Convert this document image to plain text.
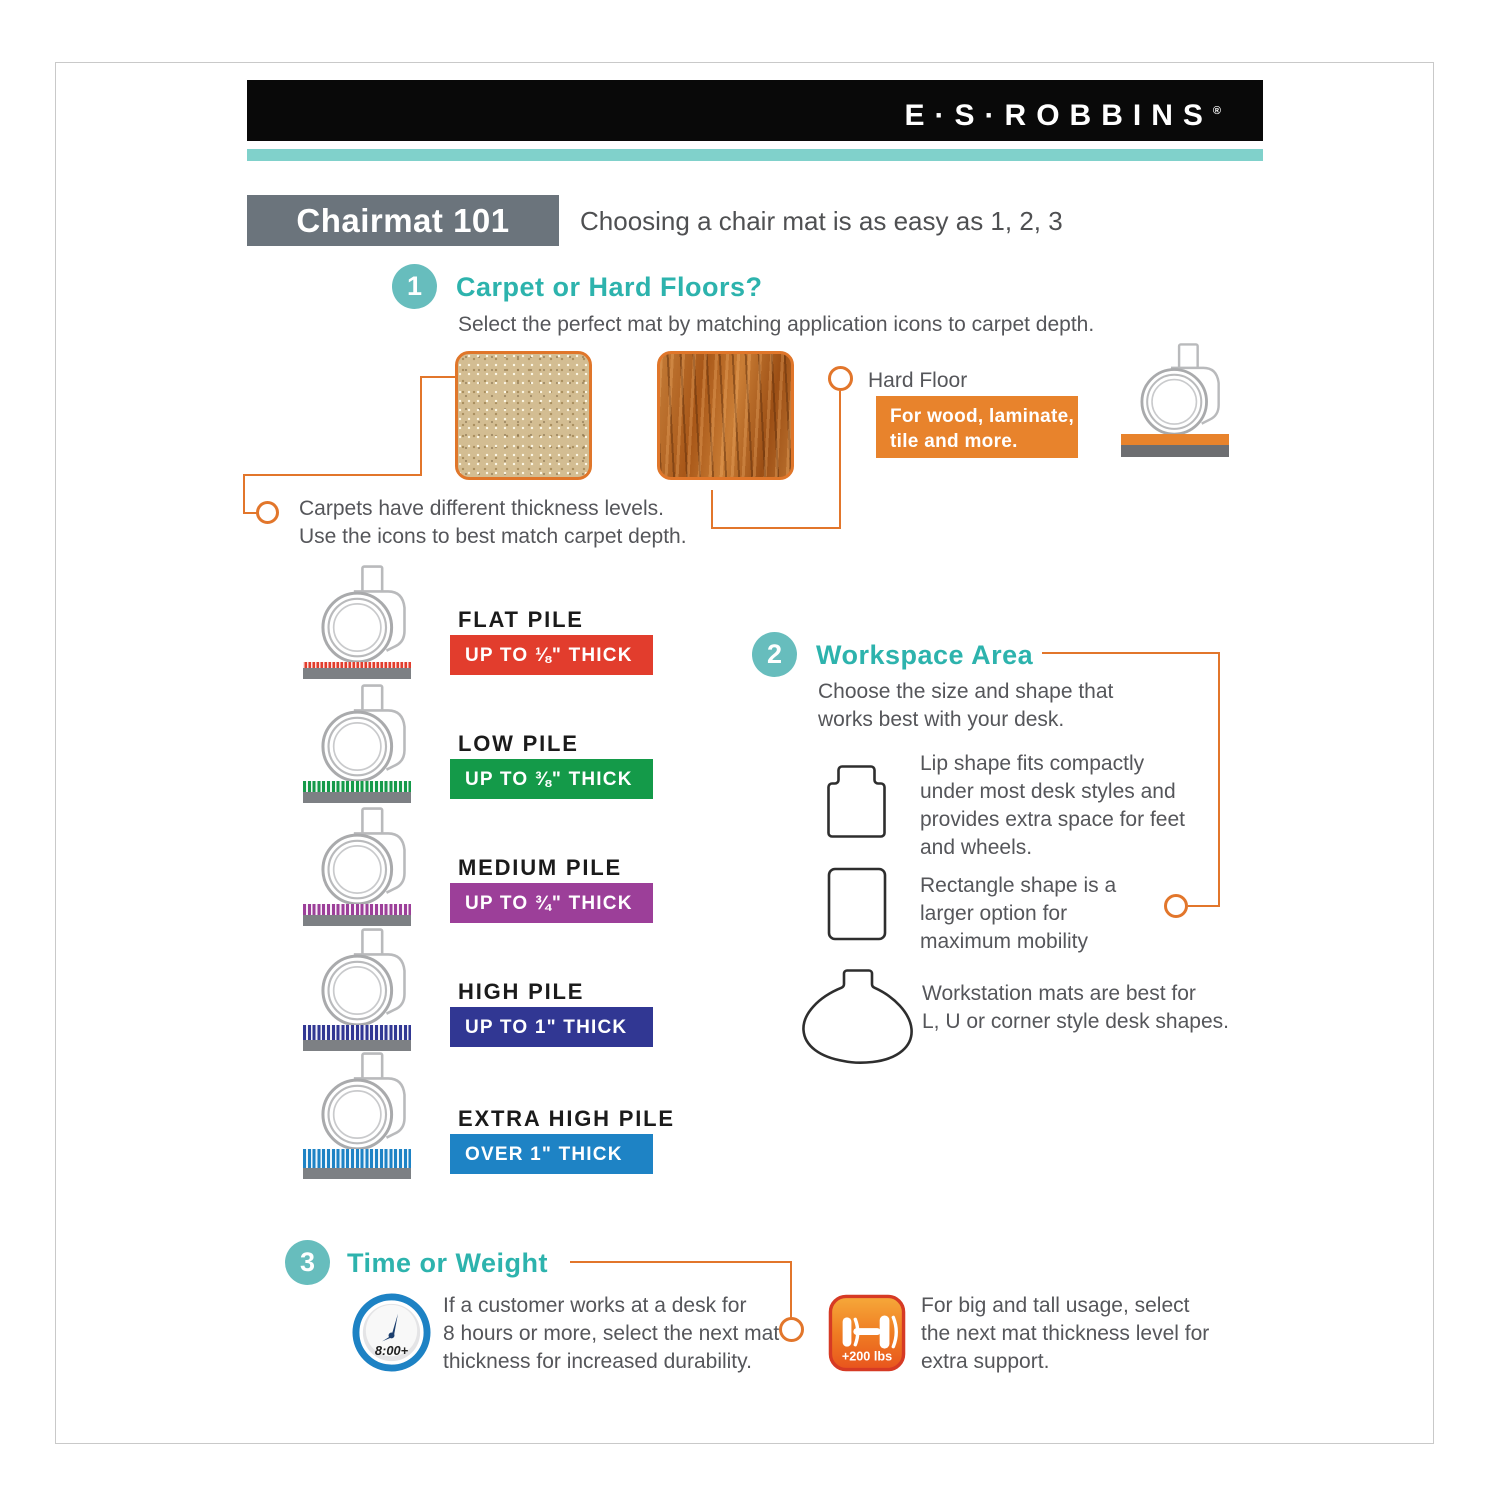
E·S·ROBBINS®
Chairmat 101	Choosing a chair mat is as easy as 1, 2, 3
1	Carpet or Hard Floors?
Select the perfect mat by matching application icons to carpet depth.
Carpets have different thickness levels.
Use the icons to best match carpet depth.
Hard Floor
For wood, laminate,
tile and more.
FLAT PILE
UP TO ⅛" THICK
LOW PILE
UP TO ⅜" THICK
MEDIUM PILE
UP TO ¾" THICK
HIGH PILE
UP TO 1" THICK
EXTRA HIGH PILE
OVER 1" THICK
2	Workspace Area
Choose the size and shape that
works best with your desk.
Lip shape fits compactly
under most desk styles and
provides extra space for feet
and wheels.
Rectangle shape is a
larger option for
maximum mobility
Workstation mats are best for
L, U or corner style desk shapes.
3	Time or Weight
8:00+
If a customer works at a desk for
8 hours or more, select the next mat
thickness for increased durability.	+200 lbs
For big and tall usage, select
the next mat thickness level for
extra support.
